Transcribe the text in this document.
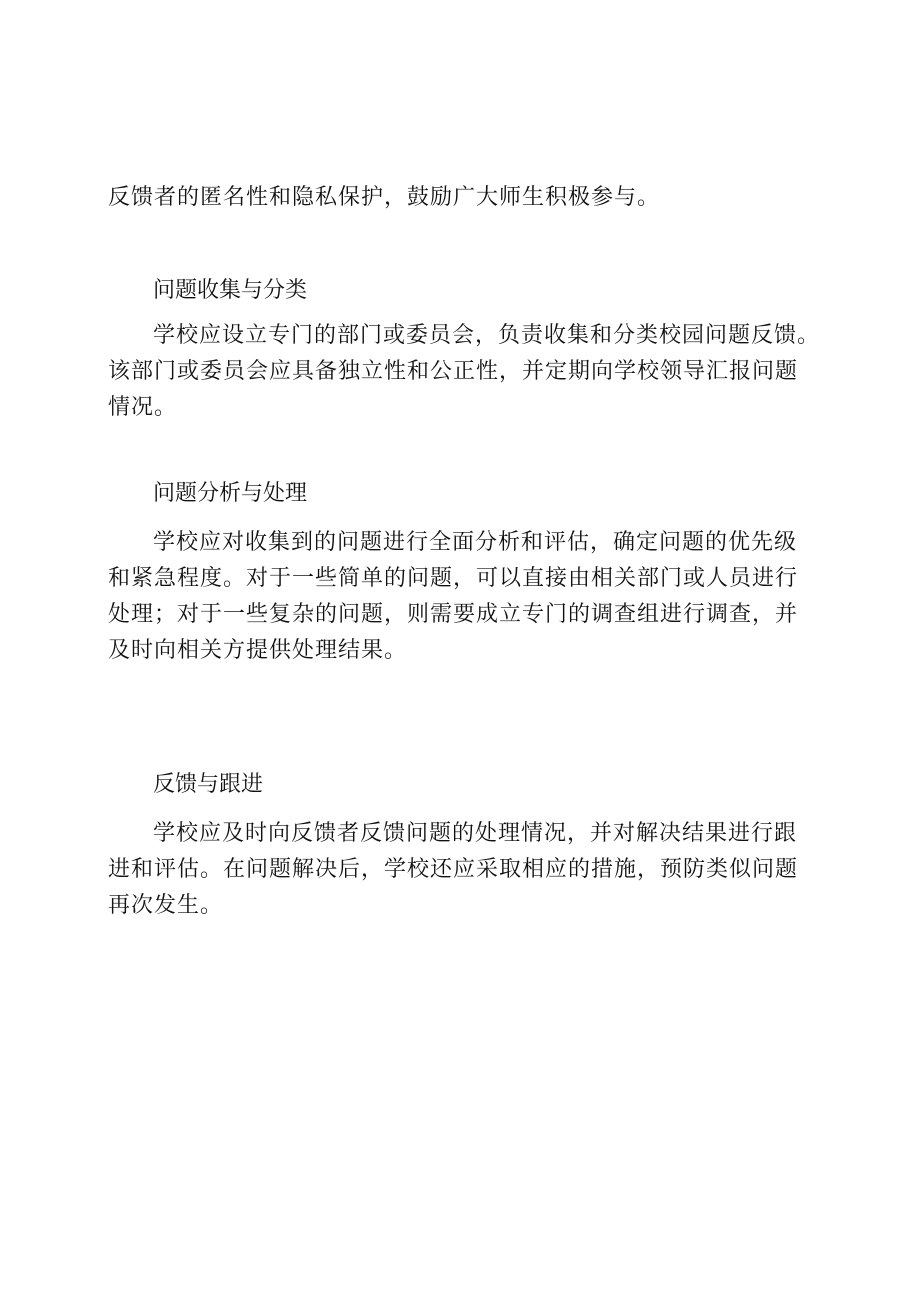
反馈者的匿名性和隐私保护，鼓励广大师生积极参与。

问题收集与分类

学校应设立专门的部门或委员会，负责收集和分类校园问题反馈。
该部门或委员会应具备独立性和公正性，并定期向学校领导汇报问题
情况。

问题分析与处理

学校应对收集到的问题进行全面分析和评估，确定问题的优先级
和紧急程度。对于一些简单的问题，可以直接由相关部门或人员进行
处理；对于一些复杂的问题，则需要成立专门的调查组进行调查，并
及时向相关方提供处理结果。

反馈与跟进

学校应及时向反馈者反馈问题的处理情况，并对解决结果进行跟
进和评估。在问题解决后，学校还应采取相应的措施，预防类似问题
再次发生。
